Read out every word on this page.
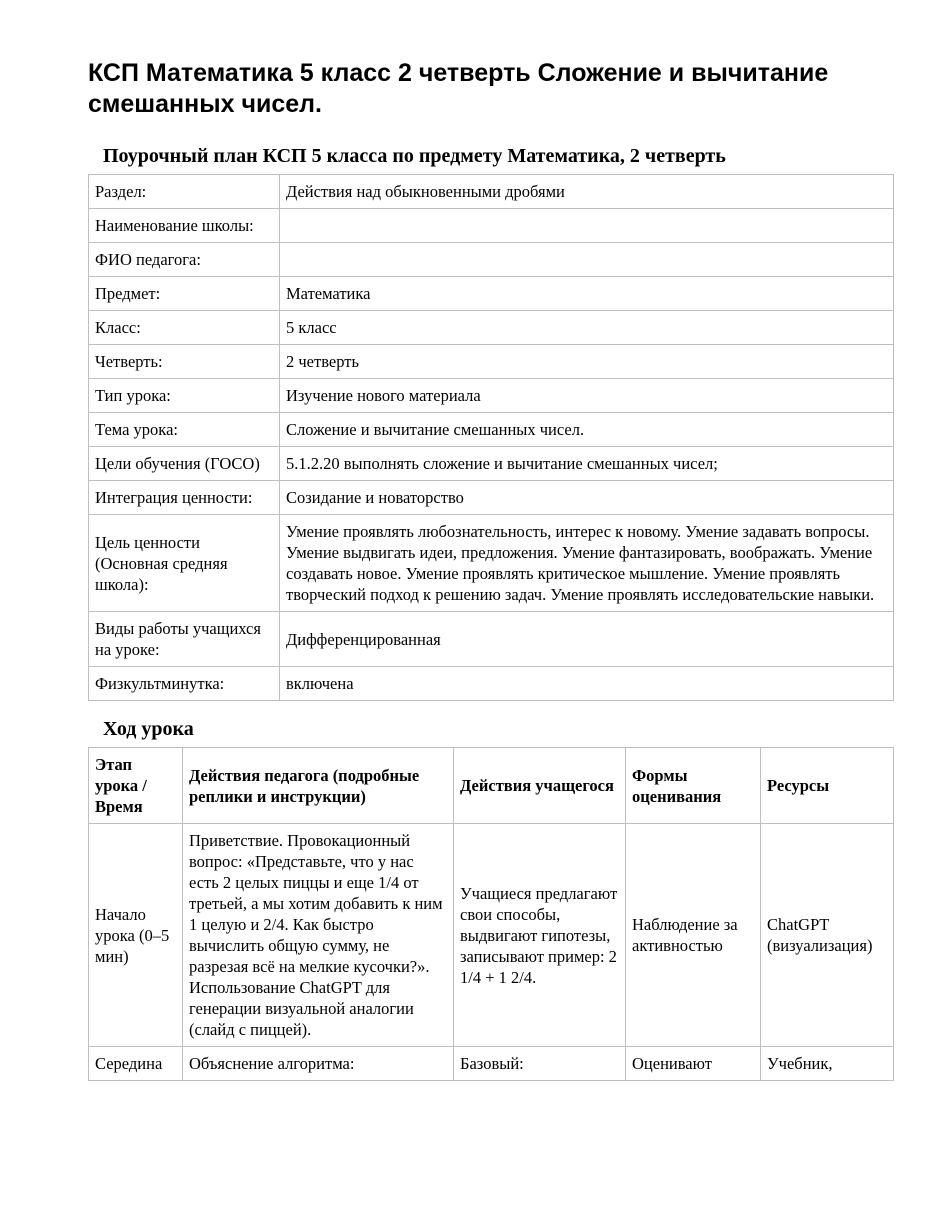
КСП Математика 5 класс 2 четверть Сложение и вычитание смешанных чисел.
Поурочный план КСП 5 класса по предмету Математика, 2 четверть
Раздел:	Действия над обыкновенными дробями
Наименование школы:	
ФИО педагога:	
Предмет:	Математика
Класс:	5 класс
Четверть:	2 четверть
Тип урока:	Изучение нового материала
Тема урока:	Сложение и вычитание смешанных чисел.
Цели обучения (ГОСО)	5.1.2.20 выполнять сложение и вычитание смешанных чисел;
Интеграция ценности:	Созидание и новаторство
Цель ценности (Основная средняя школа):	Умение проявлять любознательность, интерес к новому. Умение задавать вопросы. Умение выдвигать идеи, предложения. Умение фантазировать, воображать. Умение создавать новое. Умение проявлять критическое мышление. Умение проявлять творческий подход к решению задач. Умение проявлять исследовательские навыки.
Виды работы учащихся на уроке:	Дифференцированная
Физкультминутка:	включена
Ход урока
Этап урока / Время	Действия педагога (подробные реплики и инструкции)	Действия учащегося	Формы оценивания	Ресурсы
Начало урока (0–5 мин)	Приветствие. Провокационный вопрос: «Представьте, что у нас есть 2 целых пиццы и еще 1/4 от третьей, а мы хотим добавить к ним 1 целую и 2/4. Как быстро вычислить общую сумму, не разрезая всё на мелкие кусочки?». Использование ChatGPT для генерации визуальной аналогии (слайд с пиццей).	Учащиеся предлагают свои способы, выдвигают гипотезы, записывают пример: 2 1/4 + 1 2/4.	Наблюдение за активностью	ChatGPT (визуализация)
Середина	Объяснение алгоритма:	Базовый:	Оценивают	Учебник,
